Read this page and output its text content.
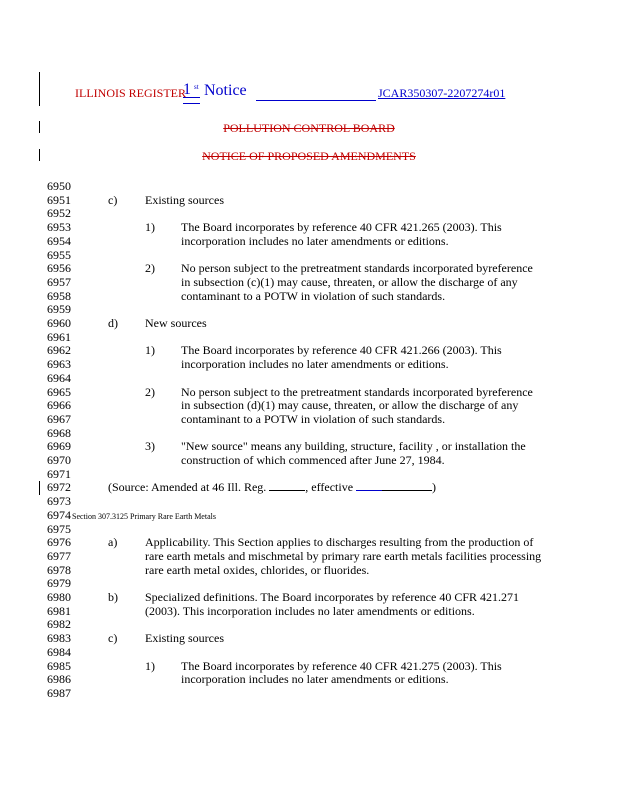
ILLINOIS REGISTER
1 st Notice	JCAR350307-2207274r01
POLLUTION CONTROL BOARD
NOTICE OF PROPOSED AMENDMENTS
6950
6951
6952
6953
6954
6955
6956
6957
6958
6959
6960
6961
6962
6963
6964
6965
6966
6967
6968
6969
6970
6971
6972
6973
6974
6975
6976
6977
6978
6979
6980
6981
6982
6983
6984
6985
6986
6987
c) Existing sources
1) The Board incorporates by reference 40 CFR 421.265 (2003). This
incorporation includes no later amendments or editions.
2) No person subject to the pretreatment standards incorporated byreference
in subsection (c)(1) may cause, threaten, or allow the discharge of any
contaminant to a POTW in violation of such standards.
d) New sources
1) The Board incorporates by reference 40 CFR 421.266 (2003). This
incorporation includes no later amendments or editions.
2) No person subject to the pretreatment standards incorporated byreference
in subsection (d)(1) may cause, threaten, or allow the discharge of any
contaminant to a POTW in violation of such standards.
3) "New source" means any building, structure, facility , or installation the
construction of which commenced after June 27, 1984.
(Source: Amended at 46 Ill. Reg.	, effective	)
Section 307.3125 Primary Rare Earth Metals
a) Applicability. This Section applies to discharges resulting from the production of
rare earth metals and mischmetal by primary rare earth metals facilities processing
rare earth metal oxides, chlorides, or fluorides.
b) Specialized definitions. The Board incorporates by reference 40 CFR 421.271
(2003). This incorporation includes no later amendments or editions.
c) Existing sources
1) The Board incorporates by reference 40 CFR 421.275 (2003). This
incorporation includes no later amendments or editions.
